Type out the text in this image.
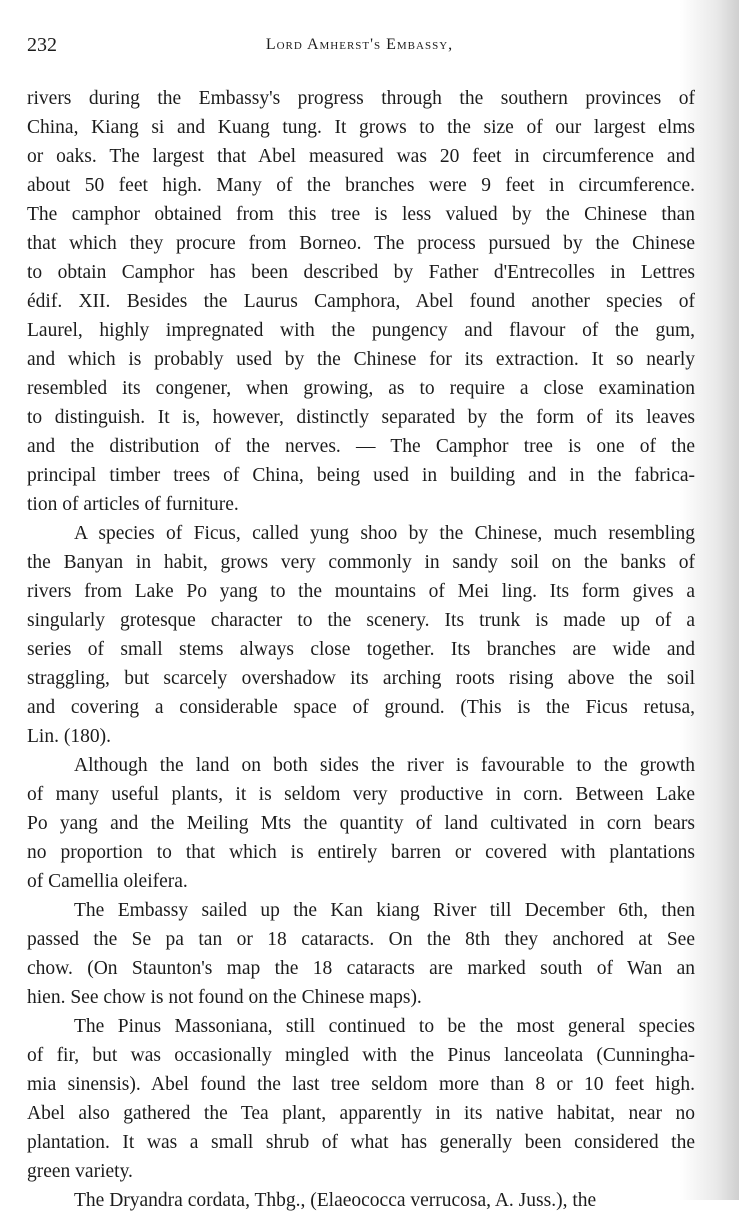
232	Lord Amherst's Embassy,

rivers during the Embassy's progress through the southern provinces of
China, Kiang si and Kuang tung. It grows to the size of our largest elms
or oaks. The largest that Abel measured was 20 feet in circumference and
about 50 feet high. Many of the branches were 9 feet in circumference.
The camphor obtained from this tree is less valued by the Chinese than
that which they procure from Borneo. The process pursued by the Chinese
to obtain Camphor has been described by Father d'Entrecolles in Lettres
édif. XII. Besides the Laurus Camphora, Abel found another species of
Laurel, highly impregnated with the pungency and flavour of the gum,
and which is probably used by the Chinese for its extraction. It so nearly
resembled its congener, when growing, as to require a close examination
to distinguish. It is, however, distinctly separated by the form of its leaves
and the distribution of the nerves. — The Camphor tree is one of the
principal timber trees of China, being used in building and in the fabrica-
tion of articles of furniture.

A species of Ficus, called yung shoo by the Chinese, much resembling
the Banyan in habit, grows very commonly in sandy soil on the banks of
rivers from Lake Po yang to the mountains of Mei ling. Its form gives a
singularly grotesque character to the scenery. Its trunk is made up of a
series of small stems always close together. Its branches are wide and
straggling, but scarcely overshadow its arching roots rising above the soil
and covering a considerable space of ground. (This is the Ficus retusa,
Lin. (180).

Although the land on both sides the river is favourable to the growth
of many useful plants, it is seldom very productive in corn. Between Lake
Po yang and the Meiling Mts the quantity of land cultivated in corn bears
no proportion to that which is entirely barren or covered with plantations
of Camellia oleifera.

The Embassy sailed up the Kan kiang River till December 6th, then
passed the Se pa tan or 18 cataracts. On the 8th they anchored at See
chow. (On Staunton's map the 18 cataracts are marked south of Wan an
hien. See chow is not found on the Chinese maps).

The Pinus Massoniana, still continued to be the most general species
of fir, but was occasionally mingled with the Pinus lanceolata (Cunningha-
mia sinensis). Abel found the last tree seldom more than 8 or 10 feet high.
Abel also gathered the Tea plant, apparently in its native habitat, near no
plantation. It was a small shrub of what has generally been considered the
green variety.

The Dryandra cordata, Thbg., (Elaeococca verrucosa, A. Juss.), the
